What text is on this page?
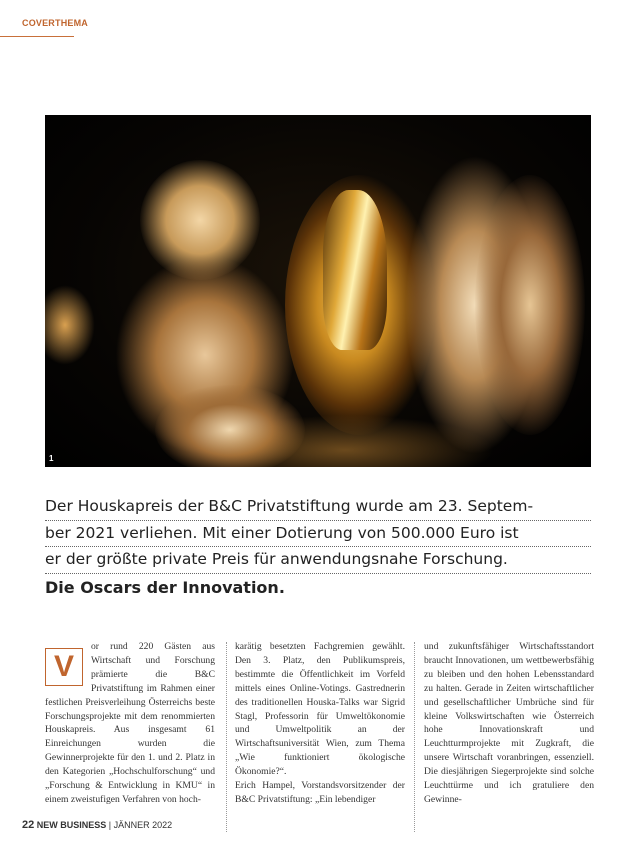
COVERTHEMA
1
Der Houskapreis der B&C Privatstiftung wurde am 23. Septem-
ber 2021 verliehen. Mit einer Dotierung von 500.000 Euro ist
er der größte private Preis für anwendungsnahe Forschung.
Die Oscars der Innovation.
V
or rund 220 Gästen aus Wirtschaft und Forschung prämierte die B&C Privatstiftung im Rahmen einer festlichen Preisverleihung Österreichs beste Forschungsprojekte mit dem renommierten Houskapreis. Aus insgesamt 61 Einreichungen wurden die Gewinnerprojekte für den 1. und 2. Platz in den Kategorien „Hochschulforschung“ und „Forschung & Entwicklung in KMU“ in einem zweistufigen Verfahren von hoch-
karätig besetzten Fachgremien gewählt. Den 3. Platz, den Publikumspreis, bestimmte die Öffentlichkeit im Vorfeld mittels eines Online-Votings. Gastrednerin des traditionellen Houska-Talks war Sigrid Stagl, Professorin für Umweltökonomie und Umweltpolitik an der Wirtschaftsuniversität Wien, zum Thema „Wie funktioniert ökologische Ökonomie?“.
Erich Hampel, Vorstandsvorsitzender der B&C Privatstiftung: „Ein lebendiger
und zukunftsfähiger Wirtschaftsstandort braucht Innovationen, um wettbewerbsfähig zu bleiben und den hohen Lebensstandard zu halten. Gerade in Zeiten wirtschaftlicher und gesellschaftlicher Umbrüche sind für kleine Volkswirtschaften wie Österreich hohe Innovationskraft und Leuchtturmprojekte mit Zugkraft, die unsere Wirtschaft voranbringen, essenziell. Die diesjährigen Siegerprojekte sind solche Leuchttürme und ich gratuliere den Gewinne-
22 NEW BUSINESS | JÄNNER 2022
